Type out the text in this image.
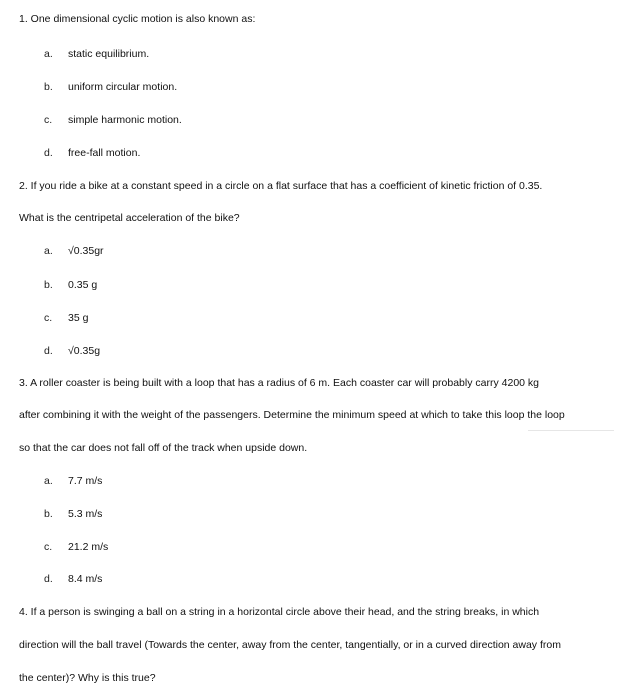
1. One dimensional cyclic motion is also known as:
a. static equilibrium.
b. uniform circular motion.
c. simple harmonic motion.
d. free-fall motion.
2. If you ride a bike at a constant speed in a circle on a flat surface that has a coefficient of kinetic friction of 0.35.
What is the centripetal acceleration of the bike?
a. √0.35gr
b. 0.35 g
c. 35 g
d. √0.35g
3. A roller coaster is being built with a loop that has a radius of 6 m. Each coaster car will probably carry 4200 kg
after combining it with the weight of the passengers. Determine the minimum speed at which to take this loop the loop
so that the car does not fall off of the track when upside down.
a. 7.7 m/s
b. 5.3 m/s
c. 21.2 m/s
d. 8.4 m/s
4. If a person is swinging a ball on a string in a horizontal circle above their head, and the string breaks, in which
direction will the ball travel (Towards the center, away from the center, tangentially, or in a curved direction away from
the center)? Why is this true?
